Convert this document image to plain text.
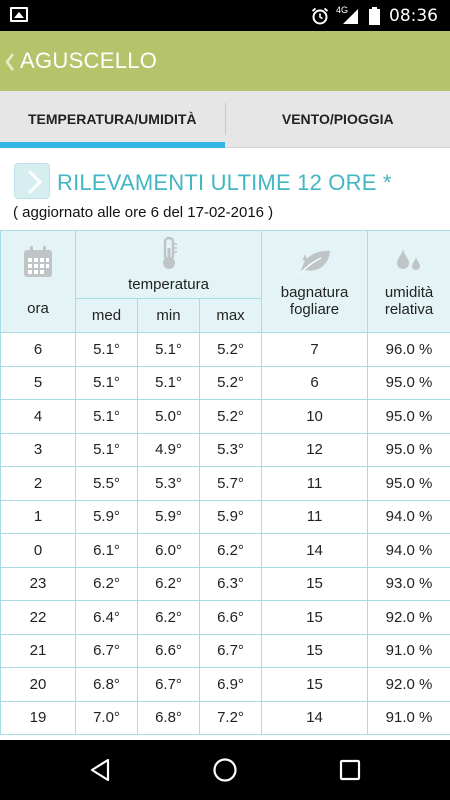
4G 08:36
AGUSCELLO
TEMPERATURA/UMIDITÀ	VENTO/PIOGGIA
RILEVAMENTI ULTIME 12 ORE *
( aggiornato alle ore 6 del 17-02-2016 )
ora	temperatura			bagnatura
fogliare	umidità
relativa

	med	min	max		
6	5.1°	5.1°	5.2°	7	96.0 %
5	5.1°	5.1°	5.2°	6	95.0 %
4	5.1°	5.0°	5.2°	10	95.0 %
3	5.1°	4.9°	5.3°	12	95.0 %
2	5.5°	5.3°	5.7°	11	95.0 %
1	5.9°	5.9°	5.9°	11	94.0 %
0	6.1°	6.0°	6.2°	14	94.0 %
23	6.2°	6.2°	6.3°	15	93.0 %
22	6.4°	6.2°	6.6°	15	92.0 %
21	6.7°	6.6°	6.7°	15	91.0 %
20	6.8°	6.7°	6.9°	15	92.0 %
19	7.0°	6.8°	7.2°	14	91.0 %
